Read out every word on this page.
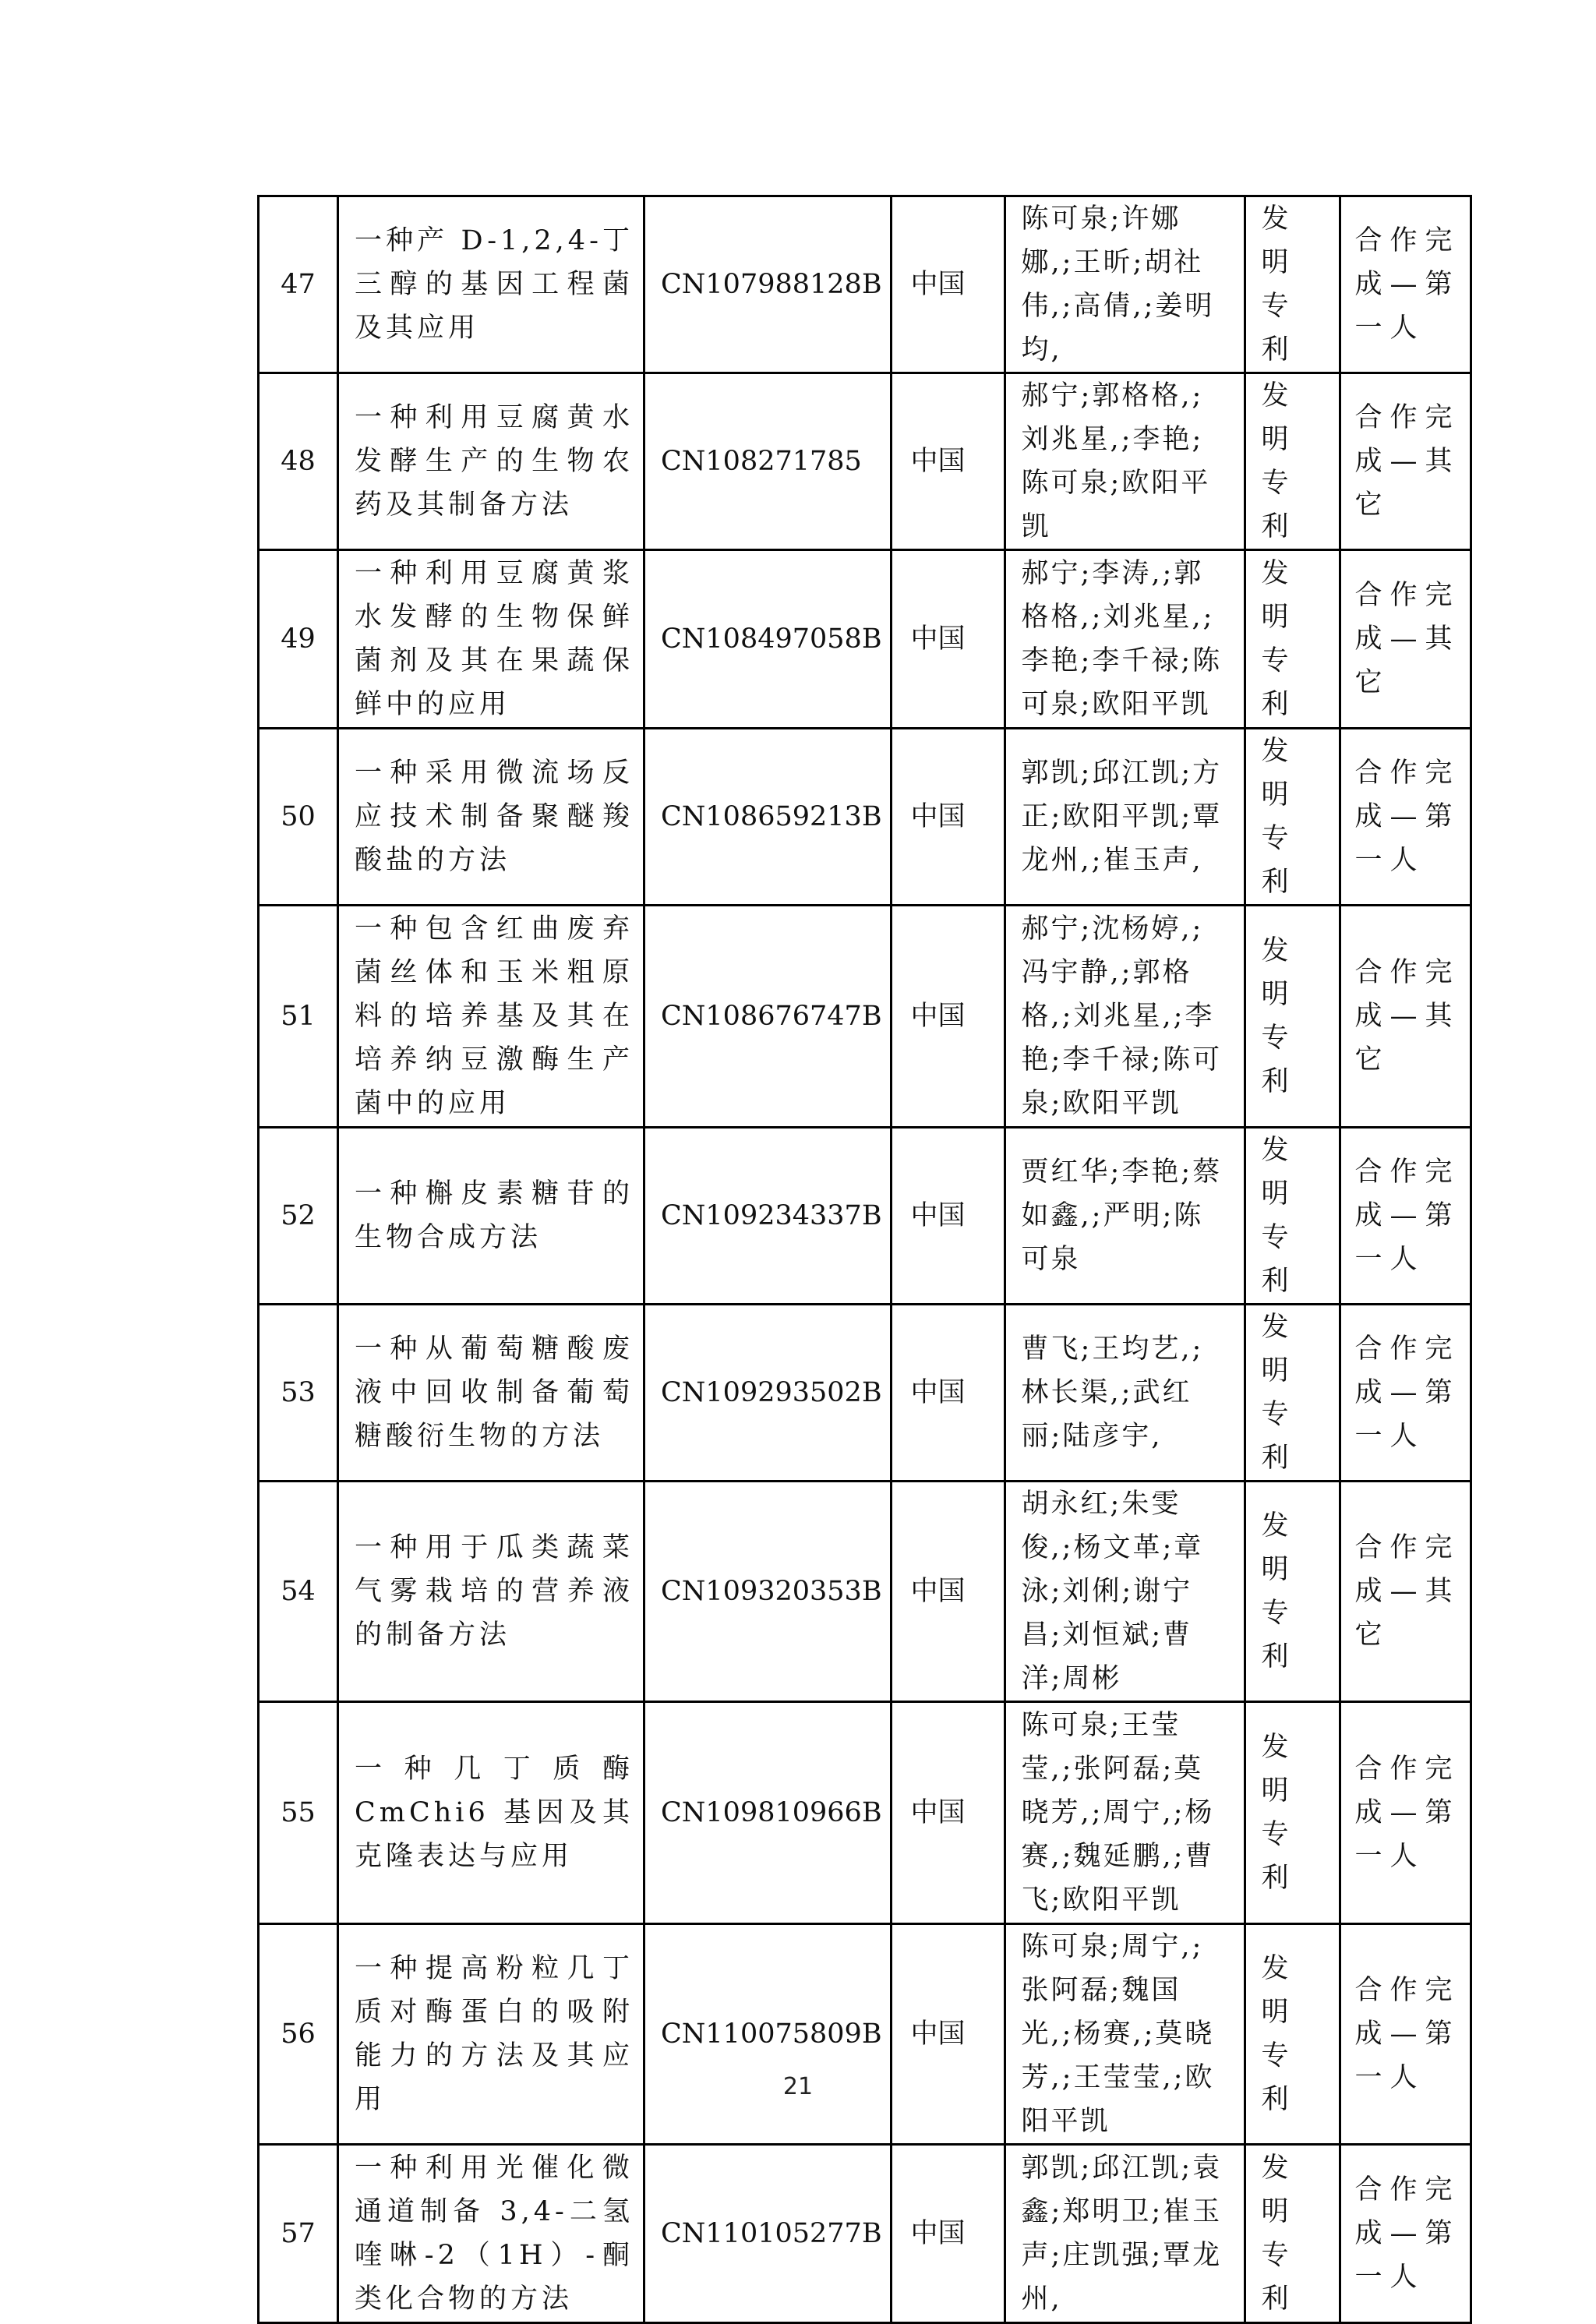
47	一种产 D-1,2,4-丁三醇的基因工程菌及其应用	CN107988128B	中国	陈可泉;许娜娜,;王昕;胡社伟,;高倩,;姜明均,	发明专利	合作完成—第一人
48	一种利用豆腐黄水发酵生产的生物农药及其制备方法	CN108271785	中国	郝宁;郭格格,;刘兆星,;李艳;陈可泉;欧阳平凯	发明专利	合作完成—其它
49	一种利用豆腐黄浆水发酵的生物保鲜菌剂及其在果蔬保鲜中的应用	CN108497058B	中国	郝宁;李涛,;郭格格,;刘兆星,;李艳;李千禄;陈可泉;欧阳平凯	发明专利	合作完成—其它
50	一种采用微流场反应技术制备聚醚羧酸盐的方法	CN108659213B	中国	郭凯;邱江凯;方正;欧阳平凯;覃龙州,;崔玉声,	发明专利	合作完成—第一人
51	一种包含红曲废弃菌丝体和玉米粗原料的培养基及其在培养纳豆激酶生产菌中的应用	CN108676747B	中国	郝宁;沈杨婷,;冯宇静,;郭格格,;刘兆星,;李艳;李千禄;陈可泉;欧阳平凯	发明专利	合作完成—其它
52	一种槲皮素糖苷的生物合成方法	CN109234337B	中国	贾红华;李艳;蔡如鑫,;严明;陈可泉	发明专利	合作完成—第一人
53	一种从葡萄糖酸废液中回收制备葡萄糖酸衍生物的方法	CN109293502B	中国	曹飞;王均艺,;林长渠,;武红丽;陆彦宇,	发明专利	合作完成—第一人
54	一种用于瓜类蔬菜气雾栽培的营养液的制备方法	CN109320353B	中国	胡永红;朱雯俊,;杨文革;章泳;刘俐;谢宁昌;刘恒斌;曹洋;周彬	发明专利	合作完成—其它
55	一种几丁质酶 CmChi6 基因及其克隆表达与应用	CN109810966B	中国	陈可泉;王莹莹,;张阿磊;莫晓芳,;周宁,;杨赛,;魏延鹏,;曹飞;欧阳平凯	发明专利	合作完成—第一人
56	一种提高粉粒几丁质对酶蛋白的吸附能力的方法及其应用	CN110075809B	中国	陈可泉;周宁,;张阿磊;魏国光,;杨赛,;莫晓芳,;王莹莹,;欧阳平凯	发明专利	合作完成—第一人
57	一种利用光催化微通道制备 3,4-二氢喹啉-2（1H）-酮类化合物的方法	CN110105277B	中国	郭凯;邱江凯;袁鑫;郑明卫;崔玉声;庄凯强;覃龙州,	发明专利	合作完成—第一人
21
